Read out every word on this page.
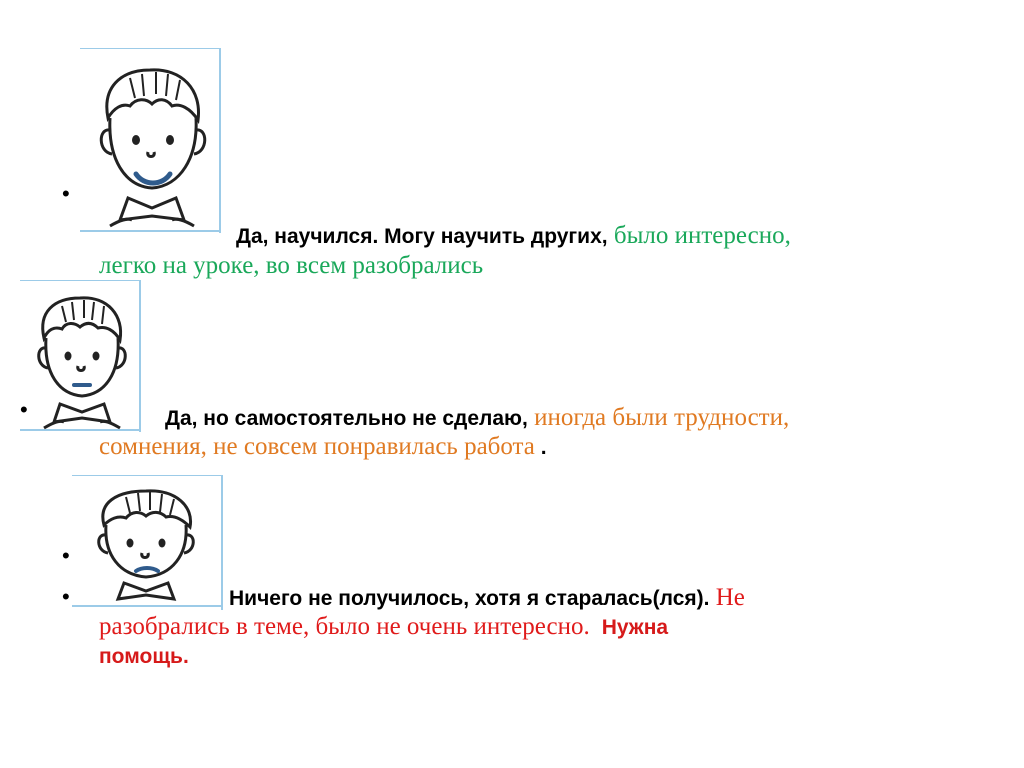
•
Да, научился. Могу научить других, было интересно,
легко на уроке, во всем разобрались
•	Да, но самостоятельно не сделаю, иногда были трудности,
сомнения, не совсем понравилась работа .
•
•	Ничего не получилось, хотя я старалась(лся). Не
разобрались в теме, было не очень интересно. Нужна
помощь.
